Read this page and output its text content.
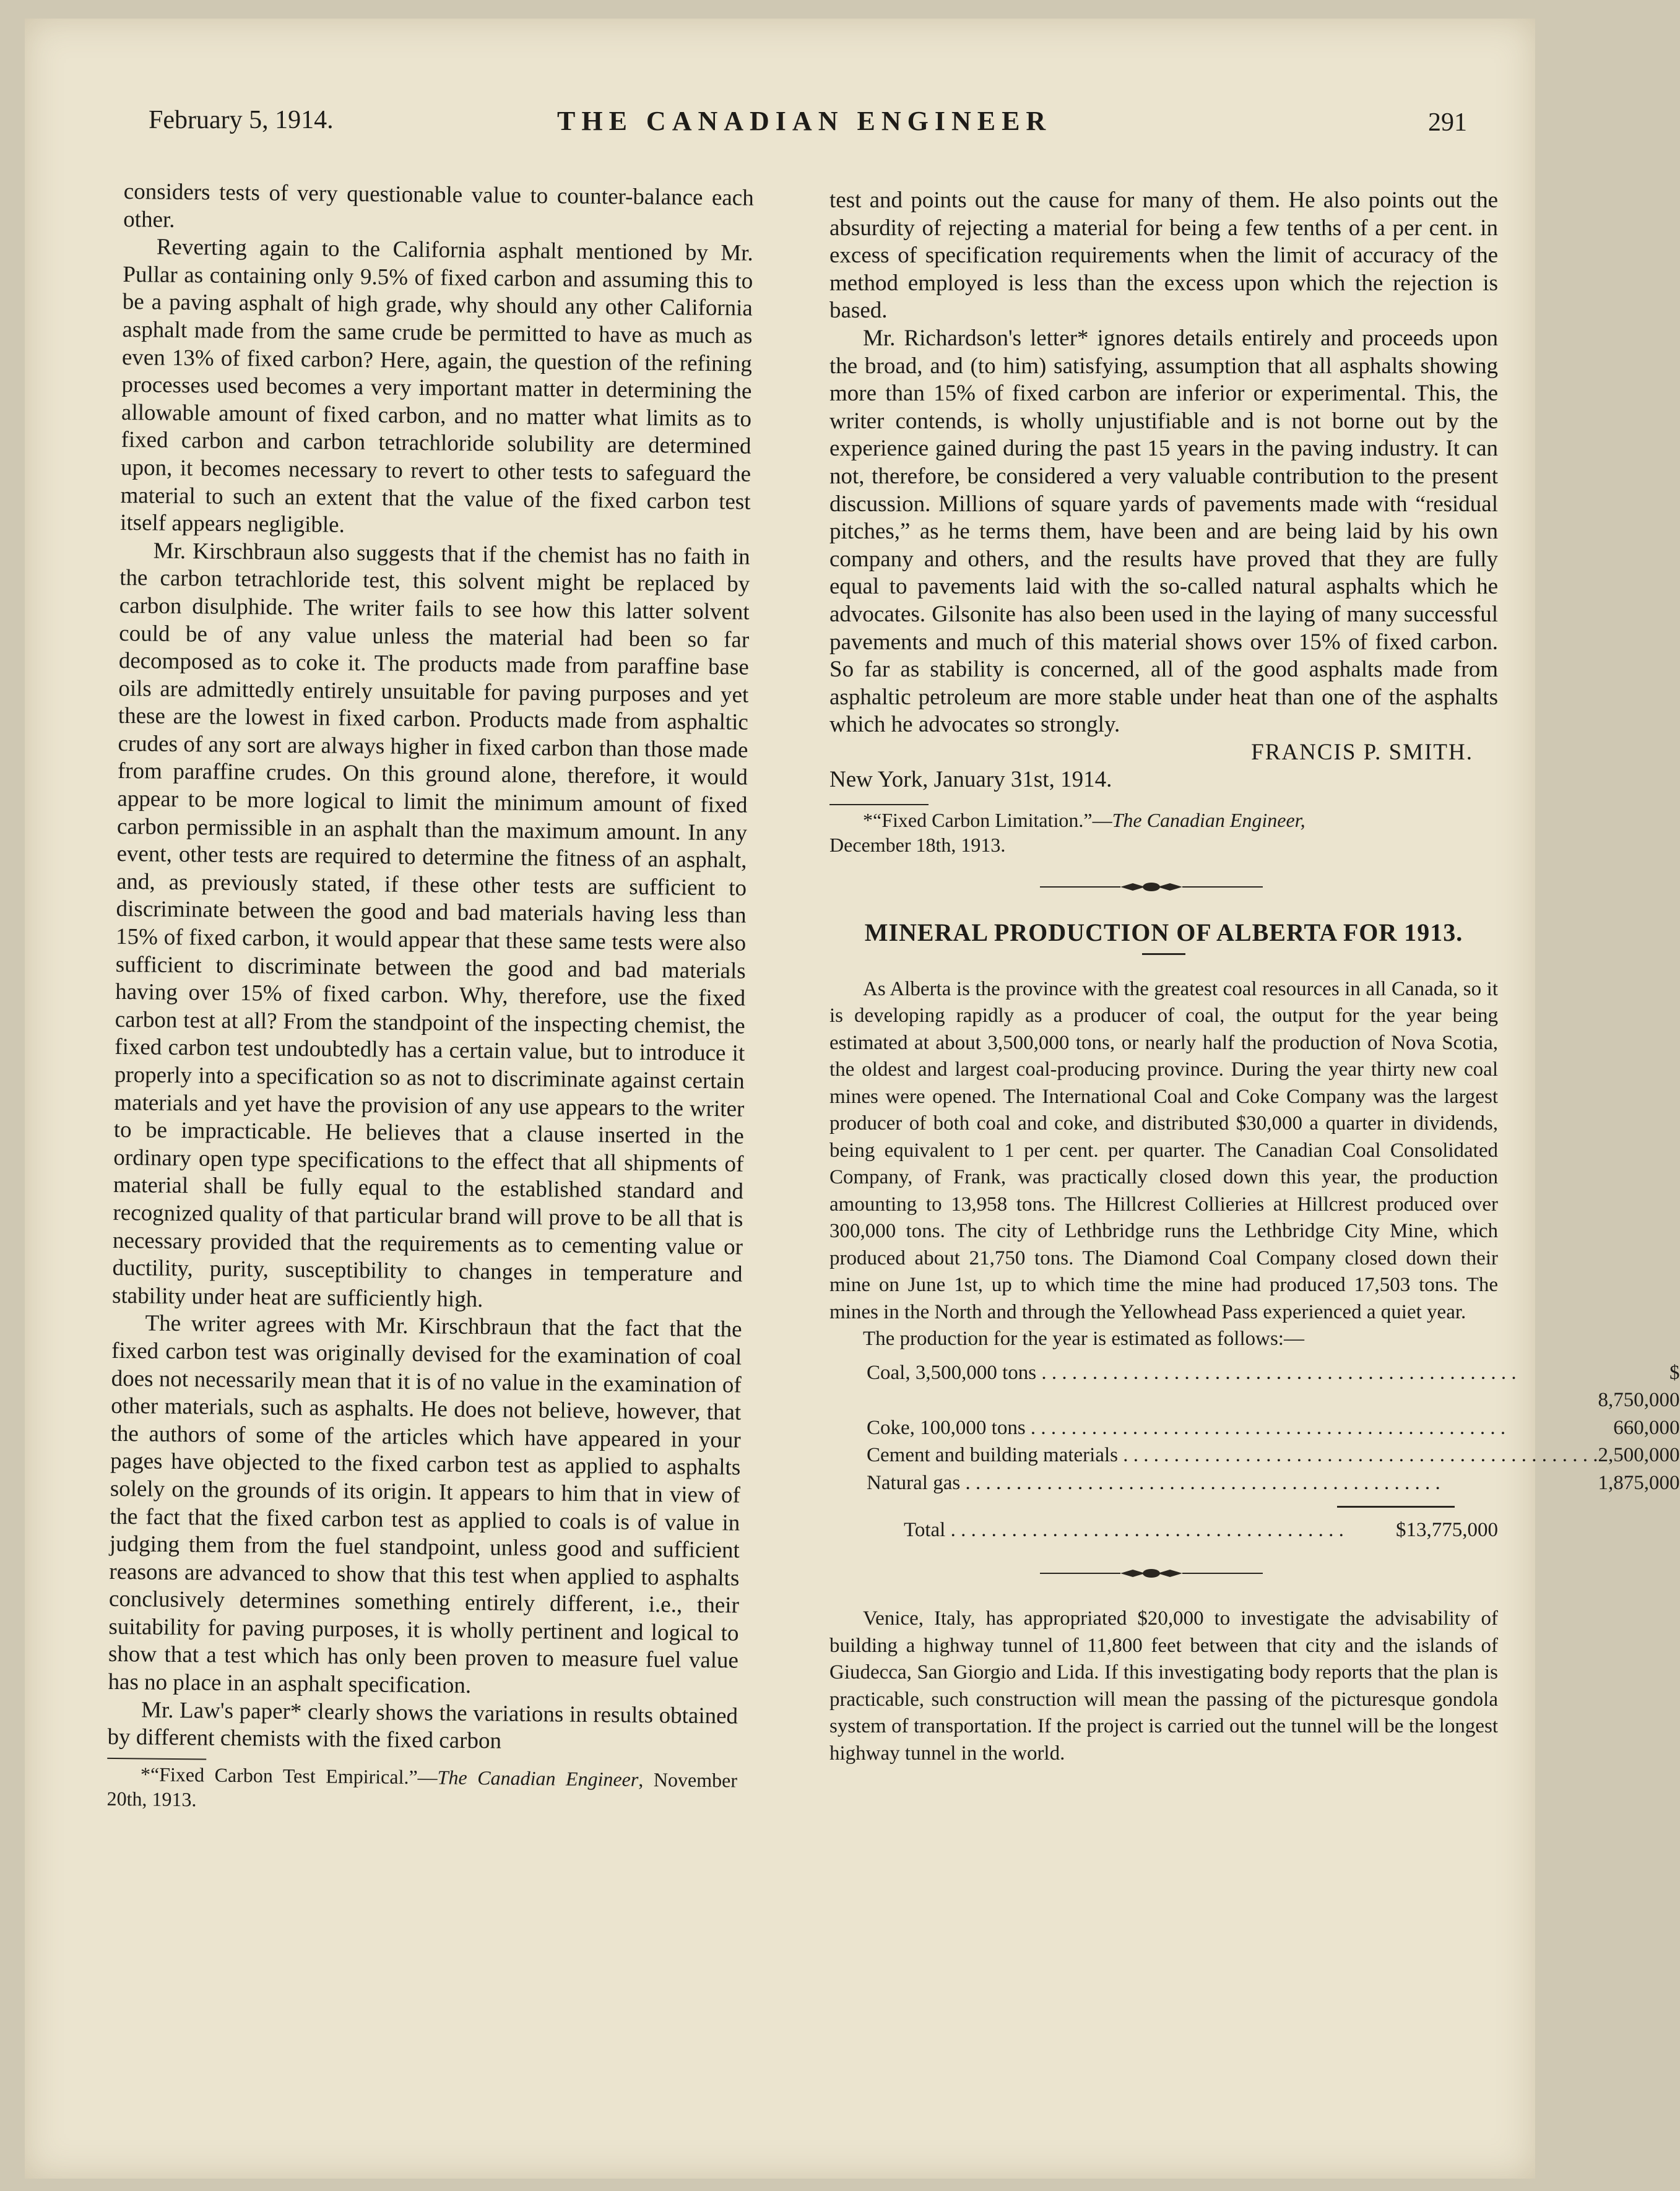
February 5, 1914.	THE CANADIAN ENGINEER	291

considers tests of very questionable value to counter-balance each other.

Reverting again to the California asphalt mentioned by Mr. Pullar as containing only 9.5% of fixed carbon and assuming this to be a paving asphalt of high grade, why should any other California asphalt made from the same crude be permitted to have as much as even 13% of fixed carbon? Here, again, the question of the refining processes used becomes a very important matter in determining the allowable amount of fixed carbon, and no matter what limits as to fixed carbon and carbon tetrachloride solubility are determined upon, it becomes necessary to revert to other tests to safeguard the material to such an extent that the value of the fixed carbon test itself appears negligible.

Mr. Kirschbraun also suggests that if the chemist has no faith in the carbon tetrachloride test, this solvent might be replaced by carbon disulphide. The writer fails to see how this latter solvent could be of any value unless the material had been so far decomposed as to coke it. The products made from paraffine base oils are admittedly entirely unsuitable for paving purposes and yet these are the lowest in fixed carbon. Products made from asphaltic crudes of any sort are always higher in fixed carbon than those made from paraffine crudes. On this ground alone, therefore, it would appear to be more logical to limit the minimum amount of fixed carbon permissible in an asphalt than the maximum amount. In any event, other tests are required to determine the fitness of an asphalt, and, as previously stated, if these other tests are sufficient to discriminate between the good and bad materials having less than 15% of fixed carbon, it would appear that these same tests were also sufficient to discriminate between the good and bad materials having over 15% of fixed carbon. Why, therefore, use the fixed carbon test at all? From the standpoint of the inspecting chemist, the fixed carbon test undoubtedly has a certain value, but to introduce it properly into a specification so as not to discriminate against certain materials and yet have the provision of any use appears to the writer to be impracticable. He believes that a clause inserted in the ordinary open type specifications to the effect that all shipments of material shall be fully equal to the established standard and recognized quality of that particular brand will prove to be all that is necessary provided that the requirements as to cementing value or ductility, purity, susceptibility to changes in temperature and stability under heat are sufficiently high.

The writer agrees with Mr. Kirschbraun that the fact that the fixed carbon test was originally devised for the examination of coal does not necessarily mean that it is of no value in the examination of other materials, such as asphalts. He does not believe, however, that the authors of some of the articles which have appeared in your pages have objected to the fixed carbon test as applied to asphalts solely on the grounds of its origin. It appears to him that in view of the fact that the fixed carbon test as applied to coals is of value in judging them from the fuel standpoint, unless good and sufficient reasons are advanced to show that this test when applied to asphalts conclusively determines something entirely different, i.e., their suitability for paving purposes, it is wholly pertinent and logical to show that a test which has only been proven to measure fuel value has no place in an asphalt specification.

Mr. Law's paper* clearly shows the variations in results obtained by different chemists with the fixed carbon

*“Fixed Carbon Test Empirical.”—The Canadian Engineer, November 20th, 1913.

test and points out the cause for many of them. He also points out the absurdity of rejecting a material for being a few tenths of a per cent. in excess of specification requirements when the limit of accuracy of the method employed is less than the excess upon which the rejection is based.

Mr. Richardson's letter* ignores details entirely and proceeds upon the broad, and (to him) satisfying, assumption that all asphalts showing more than 15% of fixed carbon are inferior or experimental. This, the writer contends, is wholly unjustifiable and is not borne out by the experience gained during the past 15 years in the paving industry. It can not, therefore, be considered a very valuable contribution to the present discussion. Millions of square yards of pavements made with “residual pitches,” as he terms them, have been and are being laid by his own company and others, and the results have proved that they are fully equal to pavements laid with the so-called natural asphalts which he advocates. Gilsonite has also been used in the laying of many successful pavements and much of this material shows over 15% of fixed carbon. So far as stability is concerned, all of the good asphalts made from asphaltic petroleum are more stable under heat than one of the asphalts which he advocates so strongly.

FRANCIS P. SMITH.

New York, January 31st, 1914.

*“Fixed Carbon Limitation.”—The Canadian Engineer,
December 18th, 1913.

MINERAL PRODUCTION OF ALBERTA FOR 1913.

As Alberta is the province with the greatest coal resources in all Canada, so it is developing rapidly as a producer of coal, the output for the year being estimated at about 3,500,000 tons, or nearly half the production of Nova Scotia, the oldest and largest coal-producing province. During the year thirty new coal mines were opened. The International Coal and Coke Company was the largest producer of both coal and coke, and distributed $30,000 a quarter in dividends, being equivalent to 1 per cent. per quarter. The Canadian Coal Consolidated Company, of Frank, was practically closed down this year, the production amounting to 13,958 tons. The Hillcrest Collieries at Hillcrest produced over 300,000 tons. The city of Lethbridge runs the Lethbridge City Mine, which produced about 21,750 tons. The Diamond Coal Company closed down their mine on June 1st, up to which time the mine had produced 17,503 tons. The mines in the North and through the Yellowhead Pass experienced a quiet year.

The production for the year is estimated as follows:—

Coal, 3,500,000 tons . . . . . . . . . . . . . . . . . . . . . . . . . . . . . . . . . . . . . . . . . . . . . . .	$ 8,750,000
Coke, 100,000 tons . . . . . . . . . . . . . . . . . . . . . . . . . . . . . . . . . . . . . . . . . . . . . . .	660,000
Cement and building materials . . . . . . . . . . . . . . . . . . . . . . . . . . . . . . . . . . . . . . . . . . . . . . .	2,500,000
Natural gas . . . . . . . . . . . . . . . . . . . . . . . . . . . . . . . . . . . . . . . . . . . . . . .	1,875,000
Total . . . . . . . . . . . . . . . . . . . . . . . . . . . . . . . . . . . . . . .	$13,775,000

Venice, Italy, has appropriated $20,000 to investigate the advisability of building a highway tunnel of 11,800 feet between that city and the islands of Giudecca, San Giorgio and Lida. If this investigating body reports that the plan is practicable, such construction will mean the passing of the picturesque gondola system of transportation. If the project is carried out the tunnel will be the longest highway tunnel in the world.
